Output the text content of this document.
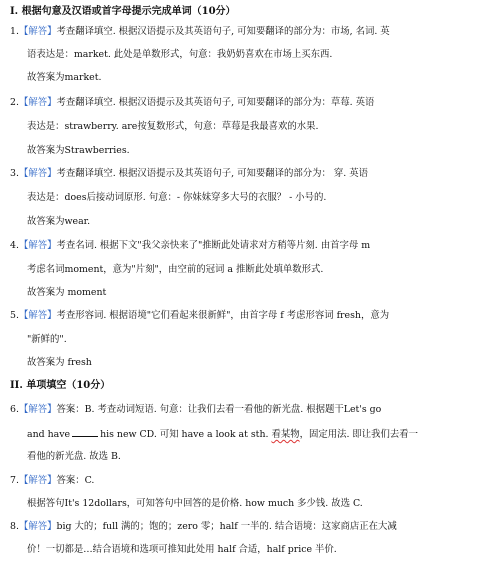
I. 根据句意及汉语或首字母提示完成单词（10分）
1.【解答】考查翻译填空. 根据汉语提示及其英语句子, 可知要翻译的部分为：市场, 名词. 英
语表达是：market. 此处是单数形式，句意：我奶奶喜欢在市场上买东西.
故答案为market.
2.【解答】考查翻译填空. 根据汉语提示及其英语句子, 可知要翻译的部分为：草莓. 英语
表达是：strawberry. are按复数形式，句意：草莓是我最喜欢的水果.
故答案为Strawberries.
3.【解答】考查翻译填空. 根据汉语提示及其英语句子, 可知要翻译的部分为： 穿. 英语
表达是：does后接动词原形. 句意：- 你妹妹穿多大号的衣服？ - 小号的.
故答案为wear.
4.【解答】考查名词. 根据下文"我父亲快来了"推断此处请求对方稍等片刻. 由首字母 m
考虑名词moment，意为"片刻"，由空前的冠词 a 推断此处填单数形式.
故答案为 moment
5.【解答】考查形容词. 根据语境"它们看起来很新鲜"，由首字母 f 考虑形容词 fresh，意为
"新鲜的".
故答案为 fresh
II. 单项填空（10分）
6.【解答】答案：B. 考查动词短语. 句意：让我们去看一看他的新光盘. 根据题干Let's go
and have	his new CD. 可知 have a look at sth. 看某物，固定用法. 即让我们去看一
看他的新光盘. 故选 B.
7.【解答】答案：C.
根据答句It's 12dollars，可知答句中回答的是价格. how much 多少钱. 故选 C.
8.【解答】big 大的；full 满的；饱的；zero 零；half 一半的. 结合语境：这家商店正在大减
价！一切都是…结合语境和选项可推知此处用 half 合适，half price 半价.
